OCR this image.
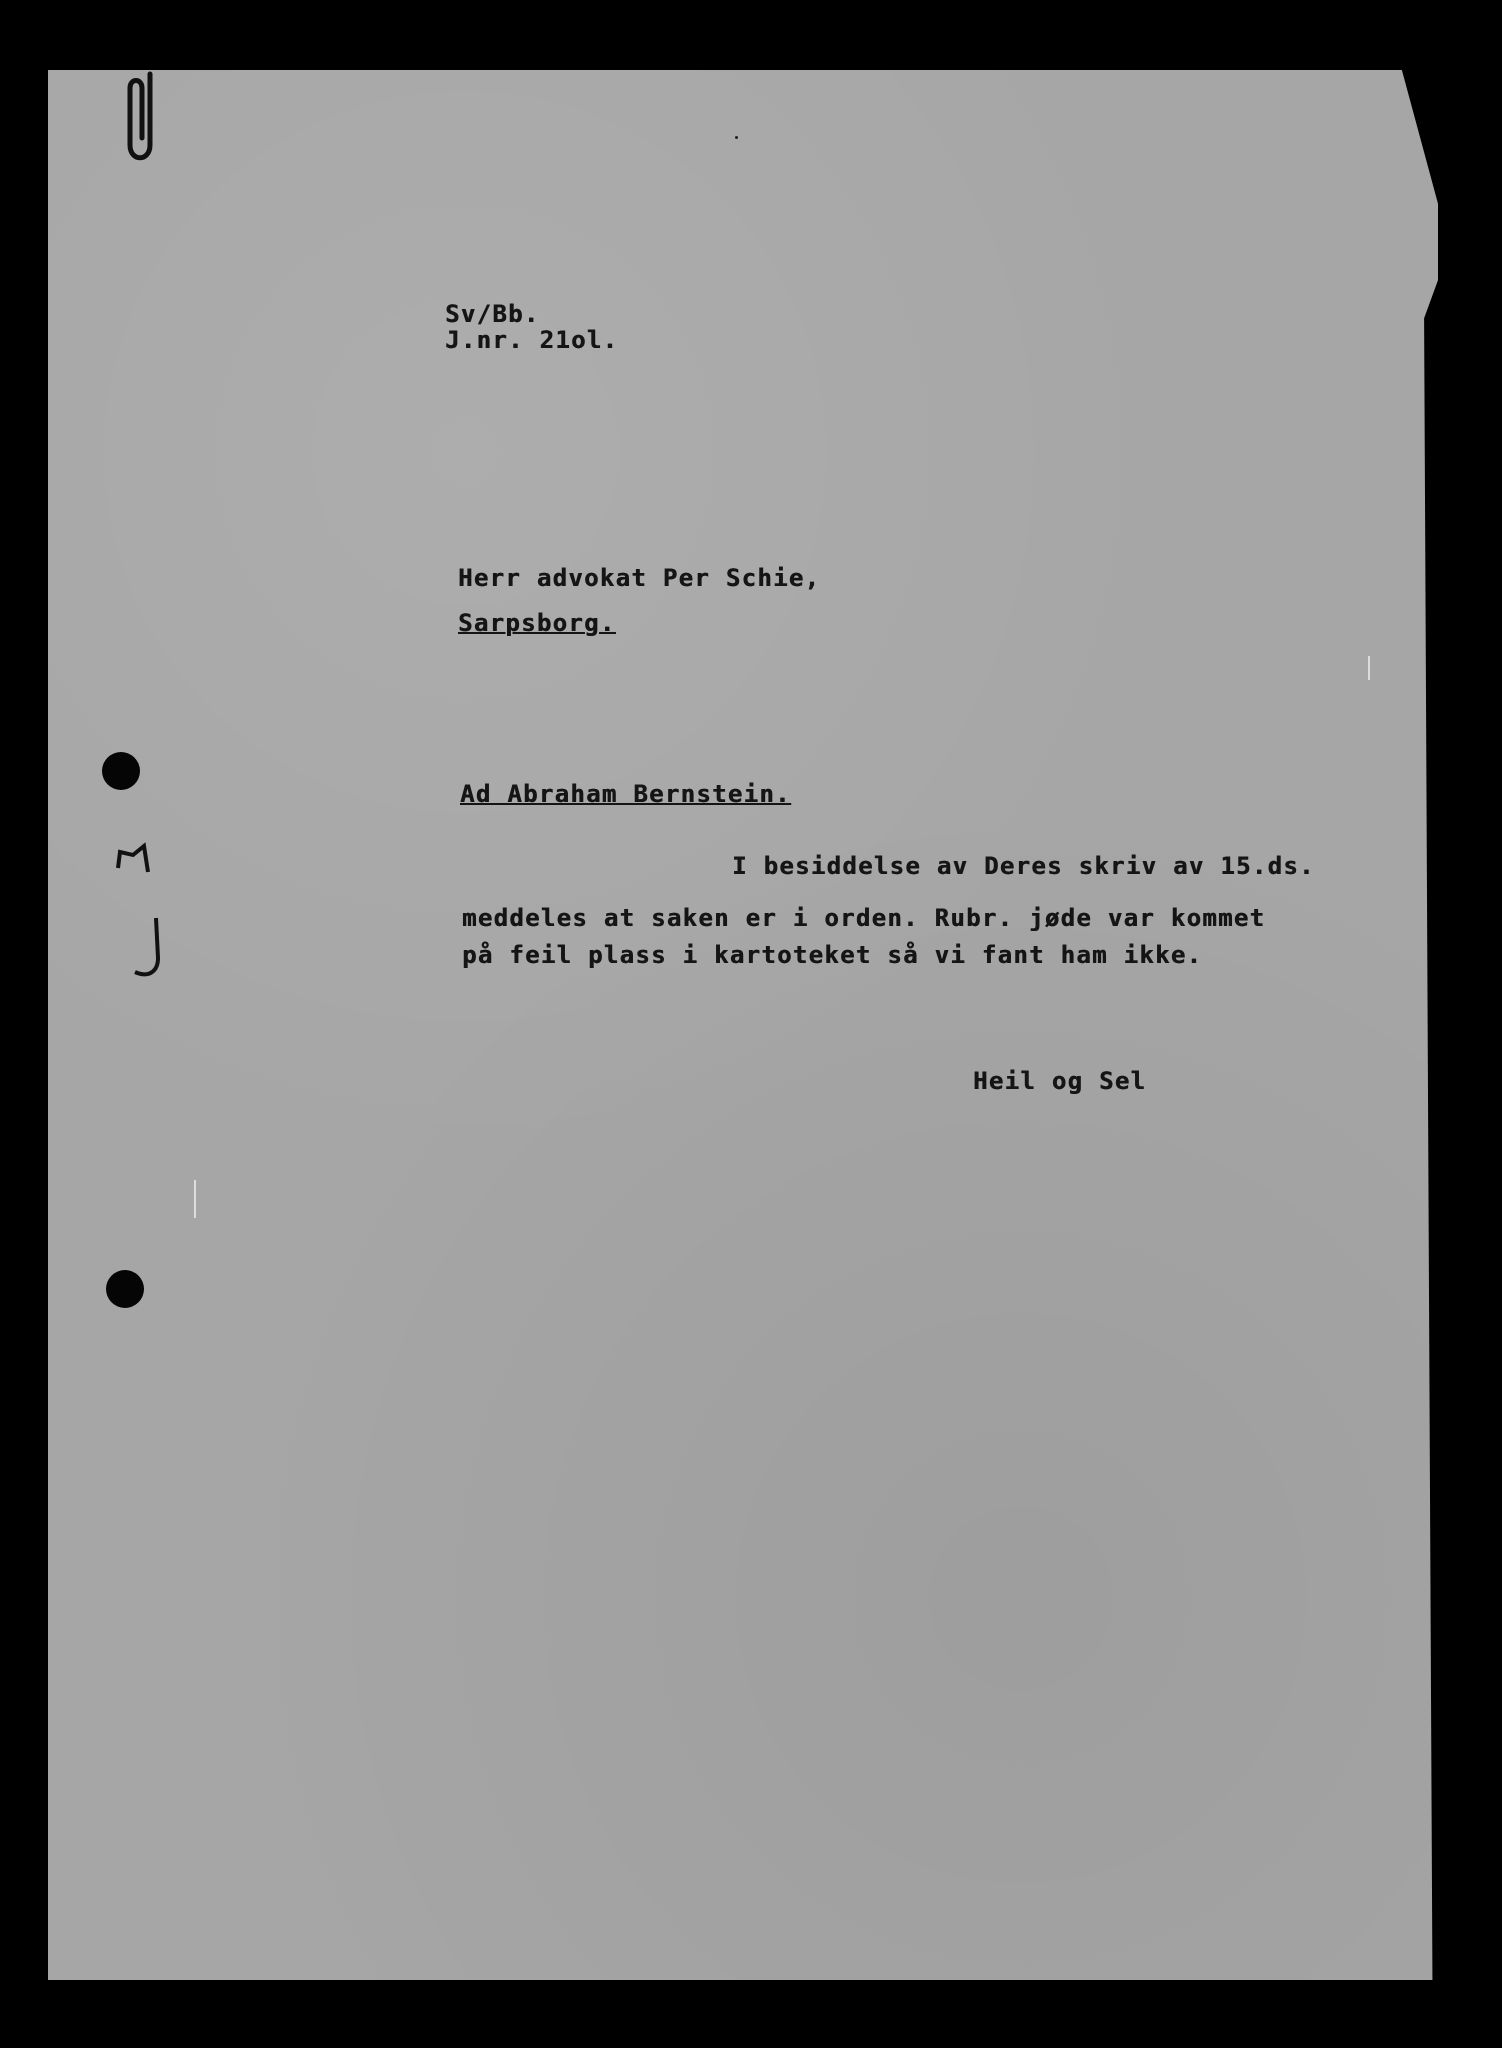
Sv/Bb.
J.nr. 21ol.
Herr advokat Per Schie,
Sarpsborg.
Ad Abraham Bernstein.
I besiddelse av Deres skriv av 15.ds.
meddeles at saken er i orden. Rubr. jøde var kommet
på feil plass i kartoteket så vi fant ham ikke.
Heil og Sel
